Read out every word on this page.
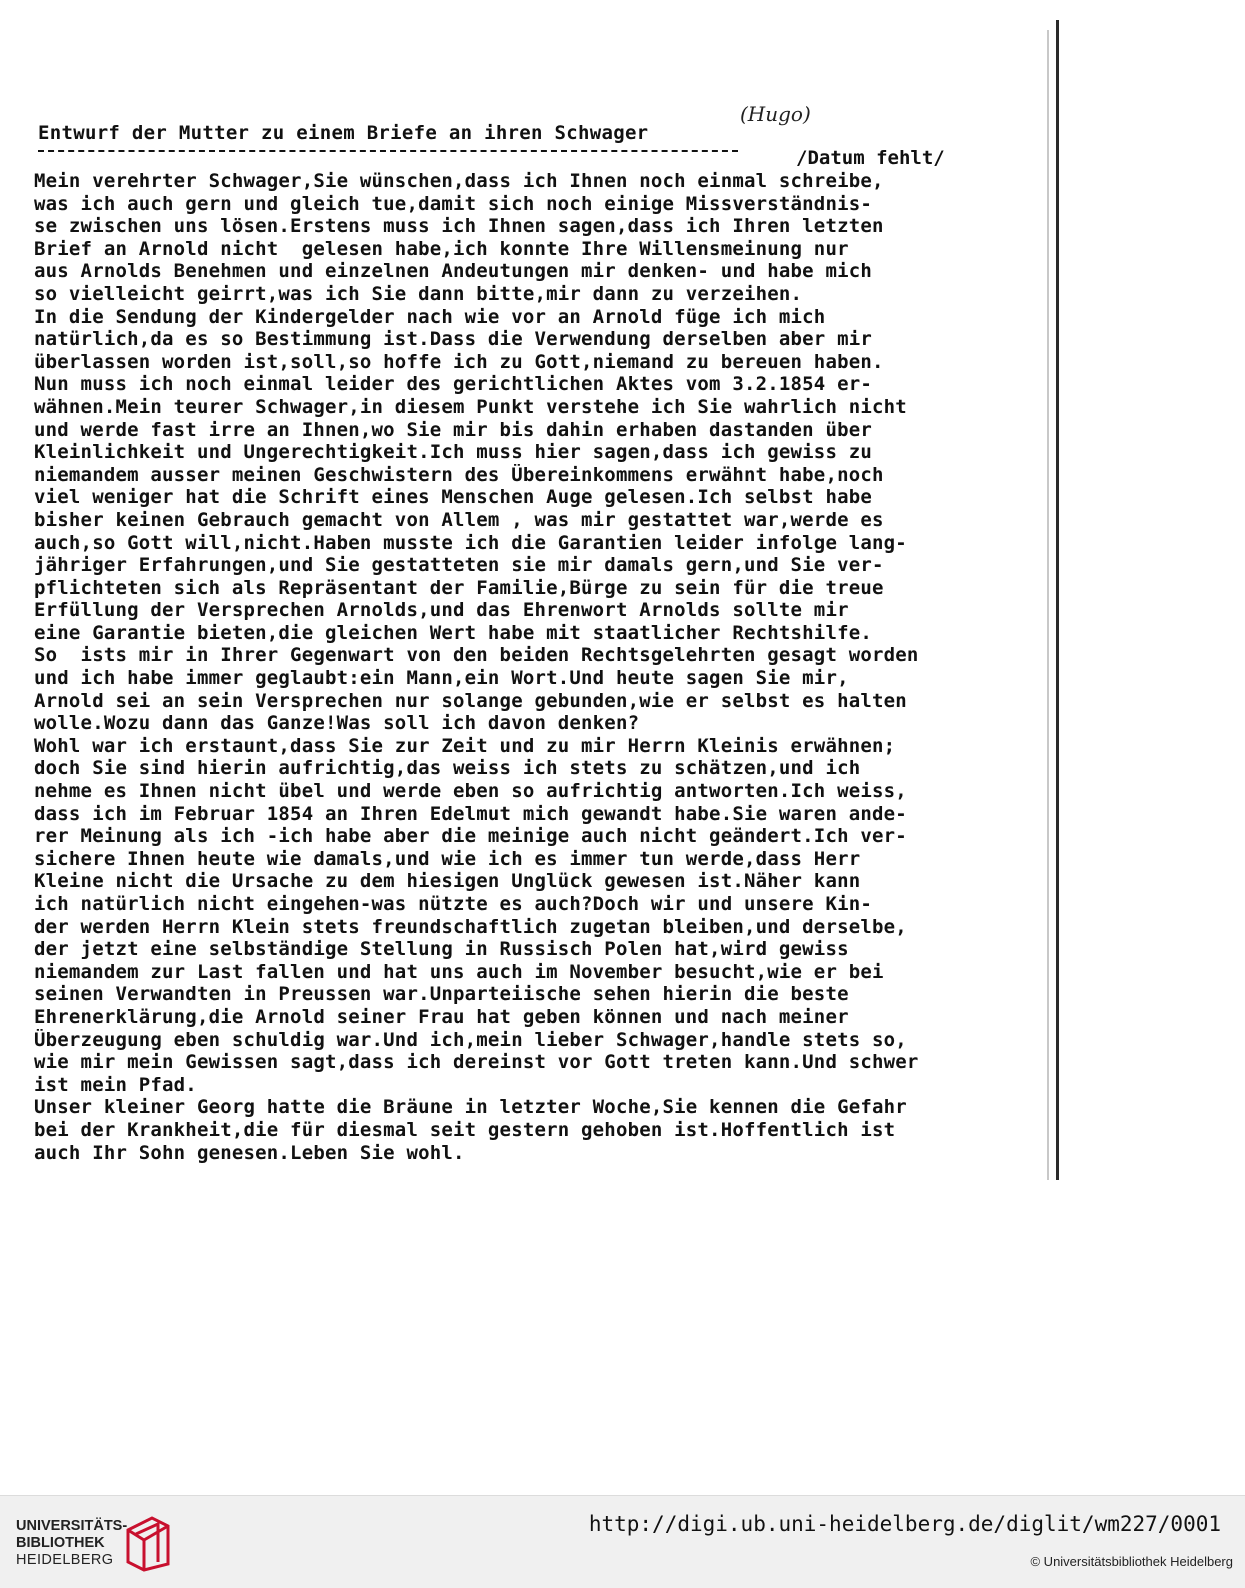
Entwurf der Mutter zu einem Briefe an ihren Schwager
(Hugo)
/Datum fehlt/
Mein verehrter Schwager,Sie wünschen,dass ich Ihnen noch einmal schreibe,
was ich auch gern und gleich tue,damit sich noch einige Missverständnis-
se zwischen uns lösen.Erstens muss ich Ihnen sagen,dass ich Ihren letzten
Brief an Arnold nicht  gelesen habe,ich konnte Ihre Willensmeinung nur
aus Arnolds Benehmen und einzelnen Andeutungen mir denken- und habe mich
so vielleicht geirrt,was ich Sie dann bitte,mir dann zu verzeihen.
In die Sendung der Kindergelder nach wie vor an Arnold füge ich mich
natürlich,da es so Bestimmung ist.Dass die Verwendung derselben aber mir
überlassen worden ist,soll,so hoffe ich zu Gott,niemand zu bereuen haben.
Nun muss ich noch einmal leider des gerichtlichen Aktes vom 3.2.1854 er-
wähnen.Mein teurer Schwager,in diesem Punkt verstehe ich Sie wahrlich nicht
und werde fast irre an Ihnen,wo Sie mir bis dahin erhaben dastanden über
Kleinlichkeit und Ungerechtigkeit.Ich muss hier sagen,dass ich gewiss zu
niemandem ausser meinen Geschwistern des Übereinkommens erwähnt habe,noch
viel weniger hat die Schrift eines Menschen Auge gelesen.Ich selbst habe
bisher keinen Gebrauch gemacht von Allem , was mir gestattet war,werde es
auch,so Gott will,nicht.Haben musste ich die Garantien leider infolge lang-
jähriger Erfahrungen,und Sie gestatteten sie mir damals gern,und Sie ver-
pflichteten sich als Repräsentant der Familie,Bürge zu sein für die treue
Erfüllung der Versprechen Arnolds,und das Ehrenwort Arnolds sollte mir
eine Garantie bieten,die gleichen Wert habe mit staatlicher Rechtshilfe.
So  ists mir in Ihrer Gegenwart von den beiden Rechtsgelehrten gesagt worden
und ich habe immer geglaubt:ein Mann,ein Wort.Und heute sagen Sie mir,
Arnold sei an sein Versprechen nur solange gebunden,wie er selbst es halten
wolle.Wozu dann das Ganze!Was soll ich davon denken?
Wohl war ich erstaunt,dass Sie zur Zeit und zu mir Herrn Kleinis erwähnen;
doch Sie sind hierin aufrichtig,das weiss ich stets zu schätzen,und ich
nehme es Ihnen nicht übel und werde eben so aufrichtig antworten.Ich weiss,
dass ich im Februar 1854 an Ihren Edelmut mich gewandt habe.Sie waren ande-
rer Meinung als ich -ich habe aber die meinige auch nicht geändert.Ich ver-
sichere Ihnen heute wie damals,und wie ich es immer tun werde,dass Herr
Kleine nicht die Ursache zu dem hiesigen Unglück gewesen ist.Näher kann
ich natürlich nicht eingehen-was nützte es auch?Doch wir und unsere Kin-
der werden Herrn Klein stets freundschaftlich zugetan bleiben,und derselbe,
der jetzt eine selbständige Stellung in Russisch Polen hat,wird gewiss
niemandem zur Last fallen und hat uns auch im November besucht,wie er bei
seinen Verwandten in Preussen war.Unparteiische sehen hierin die beste
Ehrenerklärung,die Arnold seiner Frau hat geben können und nach meiner
Überzeugung eben schuldig war.Und ich,mein lieber Schwager,handle stets so,
wie mir mein Gewissen sagt,dass ich dereinst vor Gott treten kann.Und schwer
ist mein Pfad.
Unser kleiner Georg hatte die Bräune in letzter Woche,Sie kennen die Gefahr
bei der Krankheit,die für diesmal seit gestern gehoben ist.Hoffentlich ist
auch Ihr Sohn genesen.Leben Sie wohl.
UNIVERSITÄTS-
BIBLIOTHEK
HEIDELBERG
http://digi.ub.uni-heidelberg.de/diglit/wm227/0001
© Universitätsbibliothek Heidelberg
